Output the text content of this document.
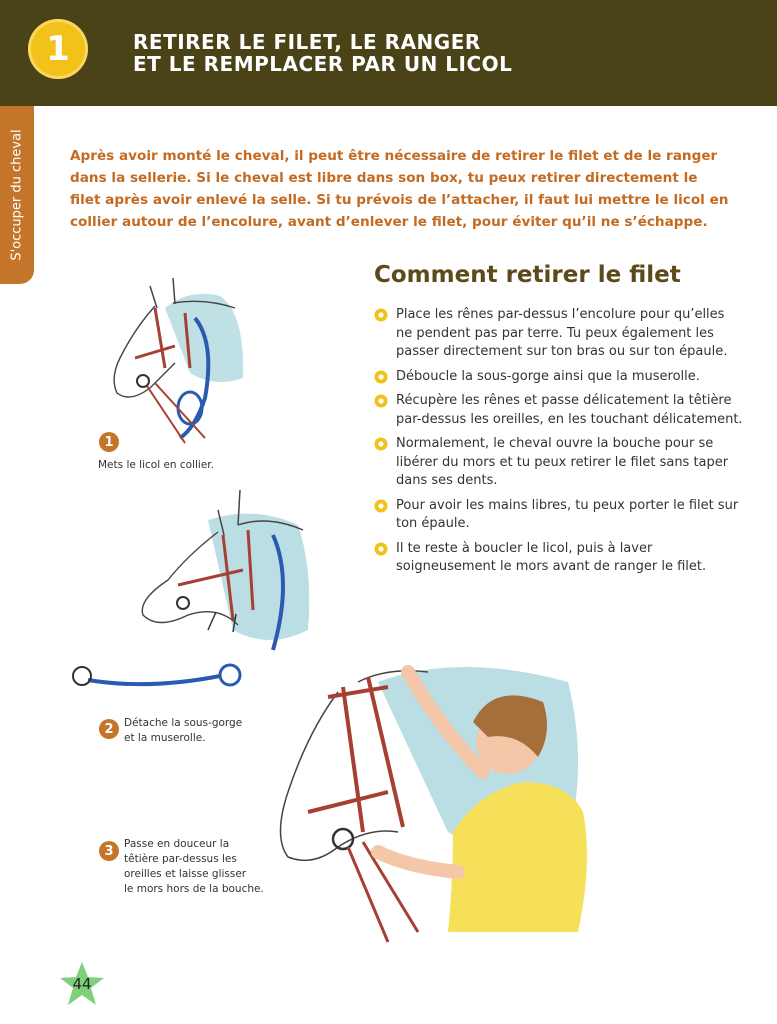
1	RETIRER LE FILET, LE RANGER
ET LE REMPLACER PAR UN LICOL
S'occuper du cheval	Après avoir monté le cheval, il peut être nécessaire de retirer le filet et de le ranger dans la sellerie. Si le cheval est libre dans son box, tu peux retirer directement le filet après avoir enlevé la selle. Si tu prévois de l’attacher, il faut lui mettre le licol en collier autour de l’encolure, avant d’enlever le filet, pour éviter qu’il ne s’échappe.
Comment retirer le filet
Place les rênes par-dessus l’encolure pour qu’elles ne pendent pas par terre. Tu peux également les passer directement sur ton bras ou sur ton épaule.
Déboucle la sous-gorge ainsi que la muserolle.
Récupère les rênes et passe délicatement la têtière par-dessus les oreilles, en les touchant délicatement.
Normalement, le cheval ouvre la bouche pour se libérer du mors et tu peux retirer le filet sans taper dans ses dents.
Pour avoir les mains libres, tu peux porter le filet sur ton épaule.
Il te reste à boucler le licol, puis à laver soigneusement le mors avant de ranger le filet.
1
Mets le licol en collier.
2 Détache la sous-gorge
et la muserolle.
3 Passe en douceur la
têtière par-dessus les
oreilles et laisse glisser
le mors hors de la bouche.
44
